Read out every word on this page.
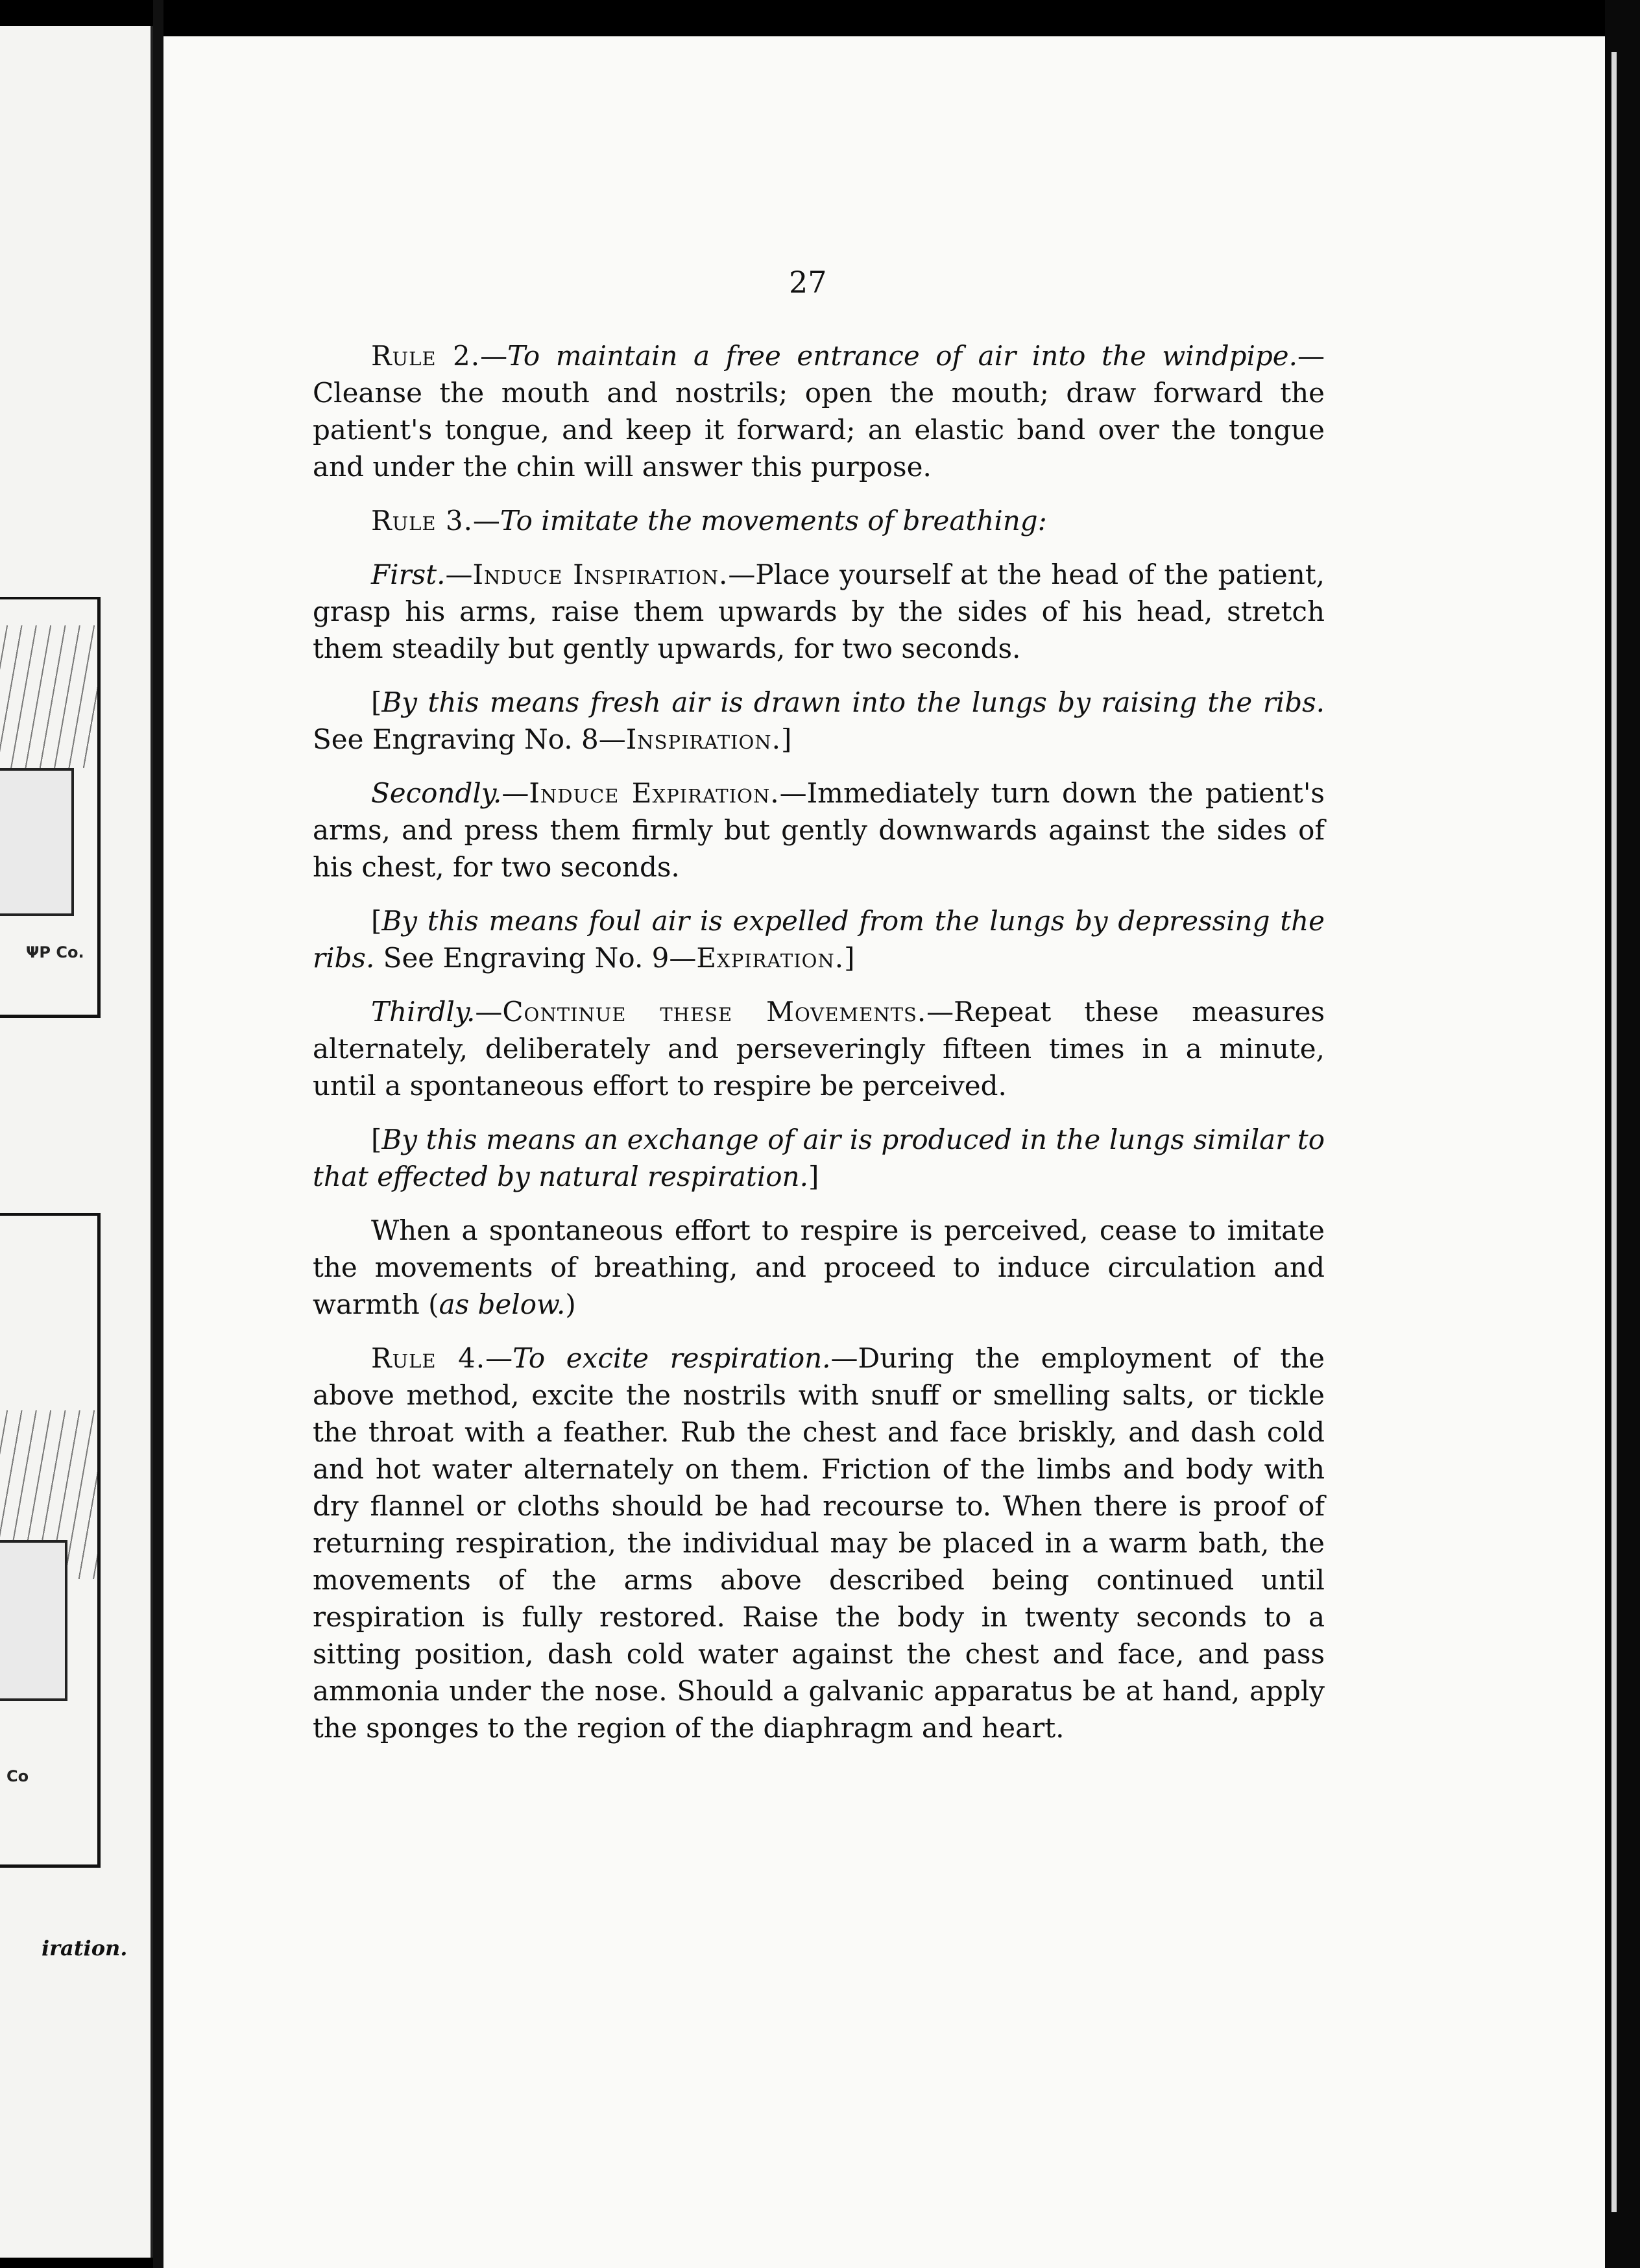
ΨP Co.
Co
iration.
27

Rule 2.—To maintain a free entrance of air into the windpipe.— Cleanse the mouth and nostrils; open the mouth; draw forward the patient's tongue, and keep it forward; an elastic band over the tongue and under the chin will answer this purpose.

Rule 3.—To imitate the movements of breathing:

First.—Induce Inspiration.—Place yourself at the head of the patient, grasp his arms, raise them upwards by the sides of his head, stretch them steadily but gently upwards, for two seconds.

[By this means fresh air is drawn into the lungs by raising the ribs. See Engraving No. 8—Inspiration.]

Secondly.—Induce Expiration.—Immediately turn down the patient's arms, and press them firmly but gently downwards against the sides of his chest, for two seconds.

[By this means foul air is expelled from the lungs by depressing the ribs. See Engraving No. 9—Expiration.]

Thirdly.—Continue these Movements.—Repeat these measures alternately, deliberately and perseveringly fifteen times in a minute, until a spontaneous effort to respire be perceived.

[By this means an exchange of air is produced in the lungs similar to that effected by natural respiration.]

When a spontaneous effort to respire is perceived, cease to imitate the movements of breathing, and proceed to induce circulation and warmth (as below.)

Rule 4.—To excite respiration.—During the employment of the above method, excite the nostrils with snuff or smelling salts, or tickle the throat with a feather. Rub the chest and face briskly, and dash cold and hot water alternately on them. Friction of the limbs and body with dry flannel or cloths should be had recourse to. When there is proof of returning respiration, the individual may be placed in a warm bath, the movements of the arms above described being continued until respiration is fully restored. Raise the body in twenty seconds to a sitting position, dash cold water against the chest and face, and pass ammonia under the nose. Should a galvanic apparatus be at hand, apply the sponges to the region of the diaphragm and heart.
